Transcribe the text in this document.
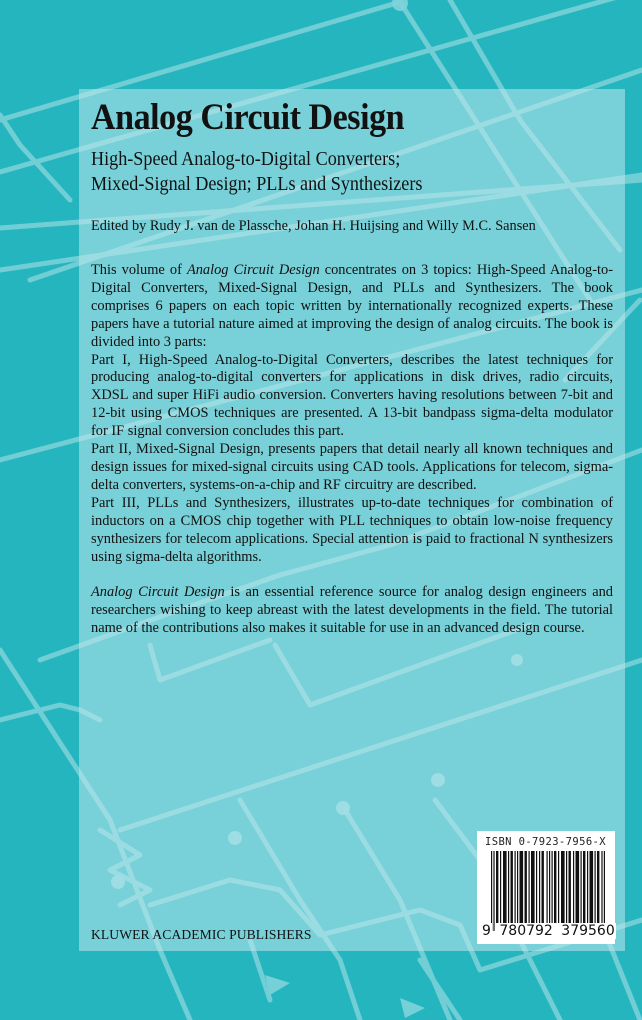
Analog Circuit Design
High-Speed Analog-to-Digital Converters;
Mixed-Signal Design; PLLs and Synthesizers
Edited by Rudy J. van de Plassche, Johan H. Huijsing and Willy M.C. Sansen

This volume of Analog Circuit Design concentrates on 3 topics: High-Speed Analog-to-Digital Converters, Mixed-Signal Design, and PLLs and Synthesizers. The book comprises 6 papers on each topic written by internationally recognized experts. These papers have a tutorial nature aimed at improving the design of analog circuits. The book is divided into 3 parts:

Part I, High-Speed Analog-to-Digital Converters, describes the latest techniques for producing analog-to-digital converters for applications in disk drives, radio circuits, XDSL and super HiFi audio conversion. Converters having resolutions between 7-bit and 12-bit using CMOS techniques are presented. A 13-bit bandpass sigma-delta modulator for IF signal conversion concludes this part.

Part II, Mixed-Signal Design, presents papers that detail nearly all known techniques and design issues for mixed-signal circuits using CAD tools. Applications for telecom, sigma-delta converters, systems-on-a-chip and RF circuitry are described.

Part III, PLLs and Synthesizers, illustrates up-to-date techniques for combination of inductors on a CMOS chip together with PLL techniques to obtain low-noise frequency synthesizers for telecom applications. Special attention is paid to fractional N synthesizers using sigma-delta algorithms.

Analog Circuit Design is an essential reference source for analog design engineers and researchers wishing to keep abreast with the latest developments in the field. The tutorial name of the contributions also makes it suitable for use in an advanced design course.

KLUWER ACADEMIC PUBLISHERS
ISBN 0-7923-7956-X
9 780792 379560
